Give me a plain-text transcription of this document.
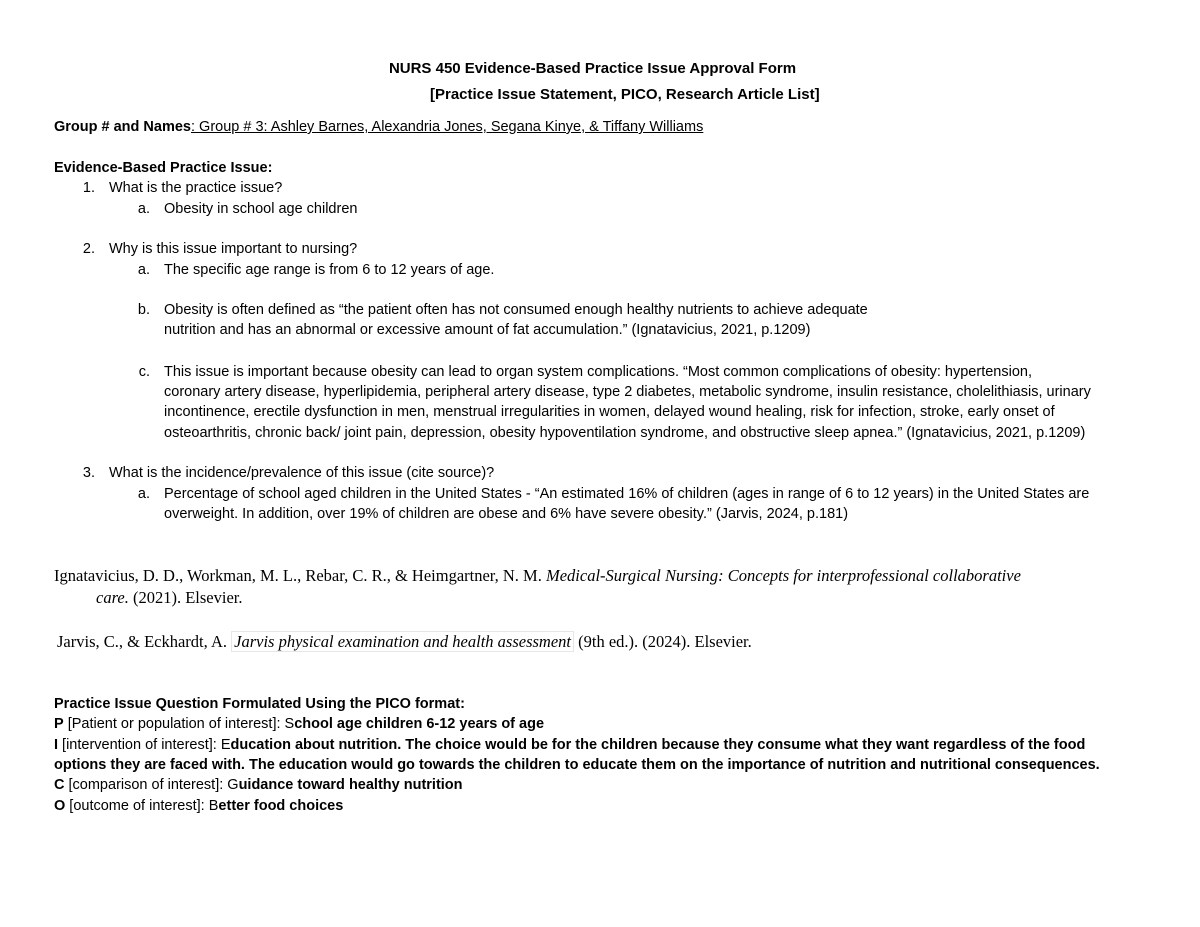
NURS 450 Evidence-Based Practice Issue Approval Form
[Practice Issue Statement, PICO, Research Article List]
Group # and Names: Group # 3: Ashley Barnes, Alexandria Jones, Segana Kinye, & Tiffany Williams
Evidence-Based Practice Issue:
1. What is the practice issue?
a. Obesity in school age children
2. Why is this issue important to nursing?
a. The specific age range is from 6 to 12 years of age.
b. Obesity is often defined as “the patient often has not consumed enough healthy nutrients to achieve adequate
nutrition and has an abnormal or excessive amount of fat accumulation.” (Ignatavicius, 2021, p.1209)
c. This issue is important because obesity can lead to organ system complications. “Most common complications of obesity: hypertension,
coronary artery disease, hyperlipidemia, peripheral artery disease, type 2 diabetes, metabolic syndrome, insulin resistance, cholelithiasis, urinary
incontinence, erectile dysfunction in men, menstrual irregularities in women, delayed wound healing, risk for infection, stroke, early onset of
osteoarthritis, chronic back/ joint pain, depression, obesity hypoventilation syndrome, and obstructive sleep apnea.” (Ignatavicius, 2021, p.1209)
3. What is the incidence/prevalence of this issue (cite source)?
a. Percentage of school aged children in the United States - “An estimated 16% of children (ages in range of 6 to 12 years) in the United States are
overweight. In addition, over 19% of children are obese and 6% have severe obesity.” (Jarvis, 2024, p.181)
Ignatavicius, D. D., Workman, M. L., Rebar, C. R., & Heimgartner, N. M. Medical-Surgical Nursing: Concepts for interprofessional collaborative
care. (2021). Elsevier.
Jarvis, C., & Eckhardt, A. Jarvis physical examination and health assessment (9th ed.). (2024). Elsevier.
Practice Issue Question Formulated Using the PICO format:
P [Patient or population of interest]: School age children 6-12 years of age
I [intervention of interest]: Education about nutrition. The choice would be for the children because they consume what they want regardless of the food
options they are faced with. The education would go towards the children to educate them on the importance of nutrition and nutritional consequences.
C [comparison of interest]: Guidance toward healthy nutrition
O [outcome of interest]: Better food choices
